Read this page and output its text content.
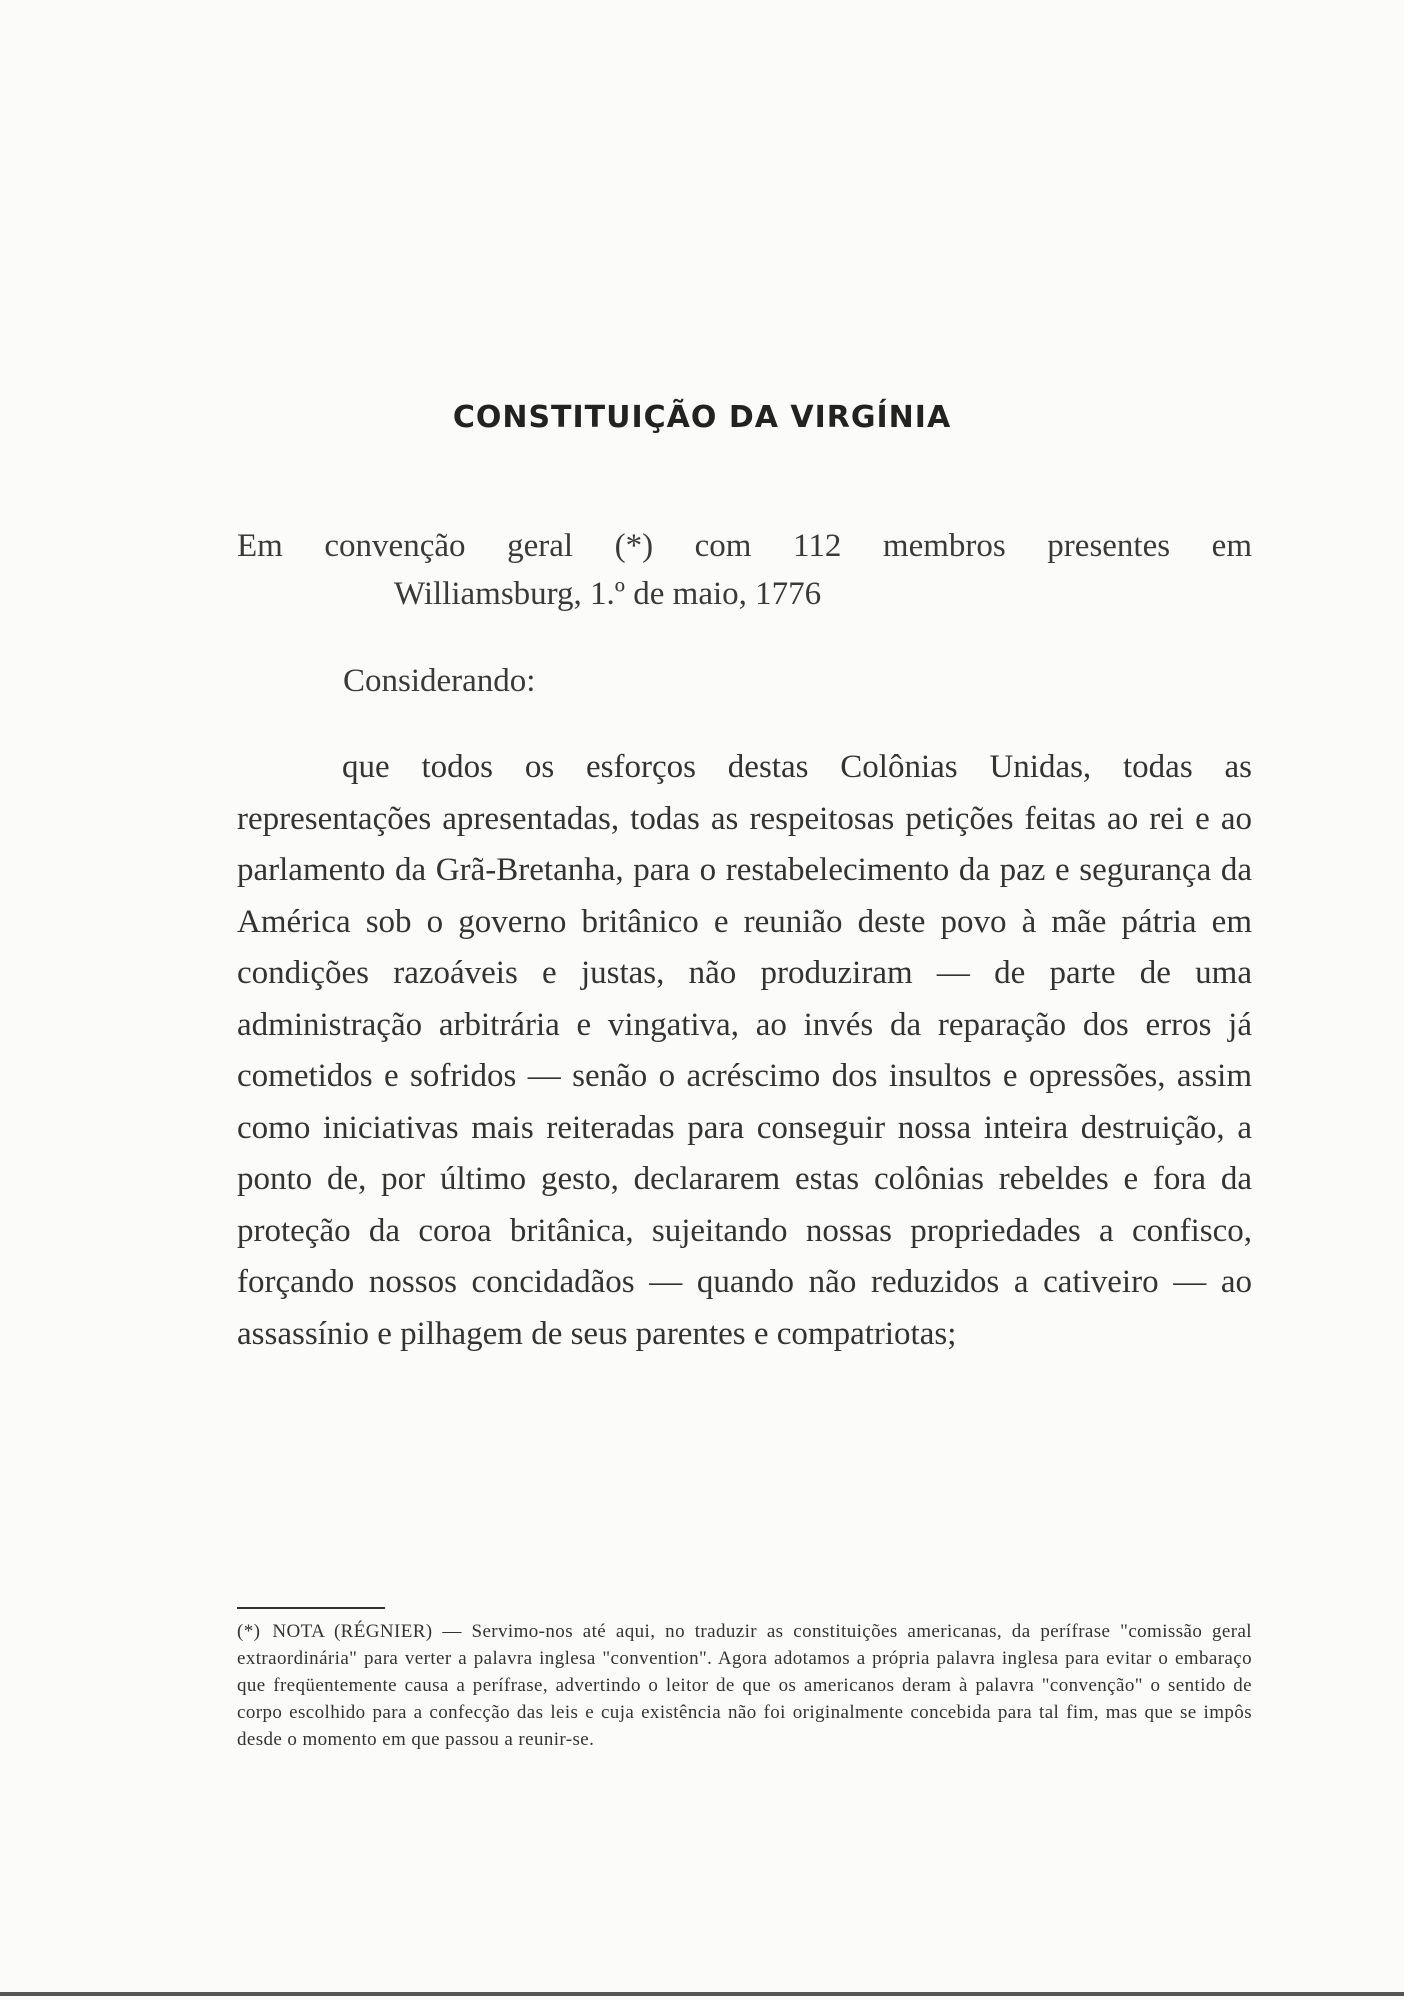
CONSTITUIÇÃO DA VIRGÍNIA
Em convenção geral (*) com 112 membros presentes em
Williamsburg, 1.º de maio, 1776
Considerando:

que todos os esforços destas Colônias Unidas, todas as representações apresentadas, todas as respeitosas petições feitas ao rei e ao parlamento da Grã-Bretanha, para o restabelecimento da paz e segurança da América sob o governo britânico e reunião deste povo à mãe pátria em condições razoáveis e justas, não produziram — de parte de uma administração arbitrária e vingativa, ao invés da reparação dos erros já cometidos e sofridos — senão o acréscimo dos insultos e opressões, assim como iniciativas mais reiteradas para conseguir nossa inteira destruição, a ponto de, por último gesto, declararem estas colônias rebeldes e fora da proteção da coroa britânica, sujeitando nossas propriedades a confisco, forçando nossos concidadãos — quando não reduzidos a cativeiro — ao assassínio e pilhagem de seus parentes e compatriotas;

(*) NOTA (RÉGNIER) — Servimo-nos até aqui, no traduzir as constituições americanas, da perífrase "comissão geral extraordinária" para verter a palavra inglesa "convention". Agora adotamos a própria palavra inglesa para evitar o embaraço que freqüentemente causa a perífrase, advertindo o leitor de que os americanos deram à palavra "convenção" o sentido de corpo escolhido para a confecção das leis e cuja existência não foi originalmente concebida para tal fim, mas que se impôs desde o momento em que passou a reunir-se.
